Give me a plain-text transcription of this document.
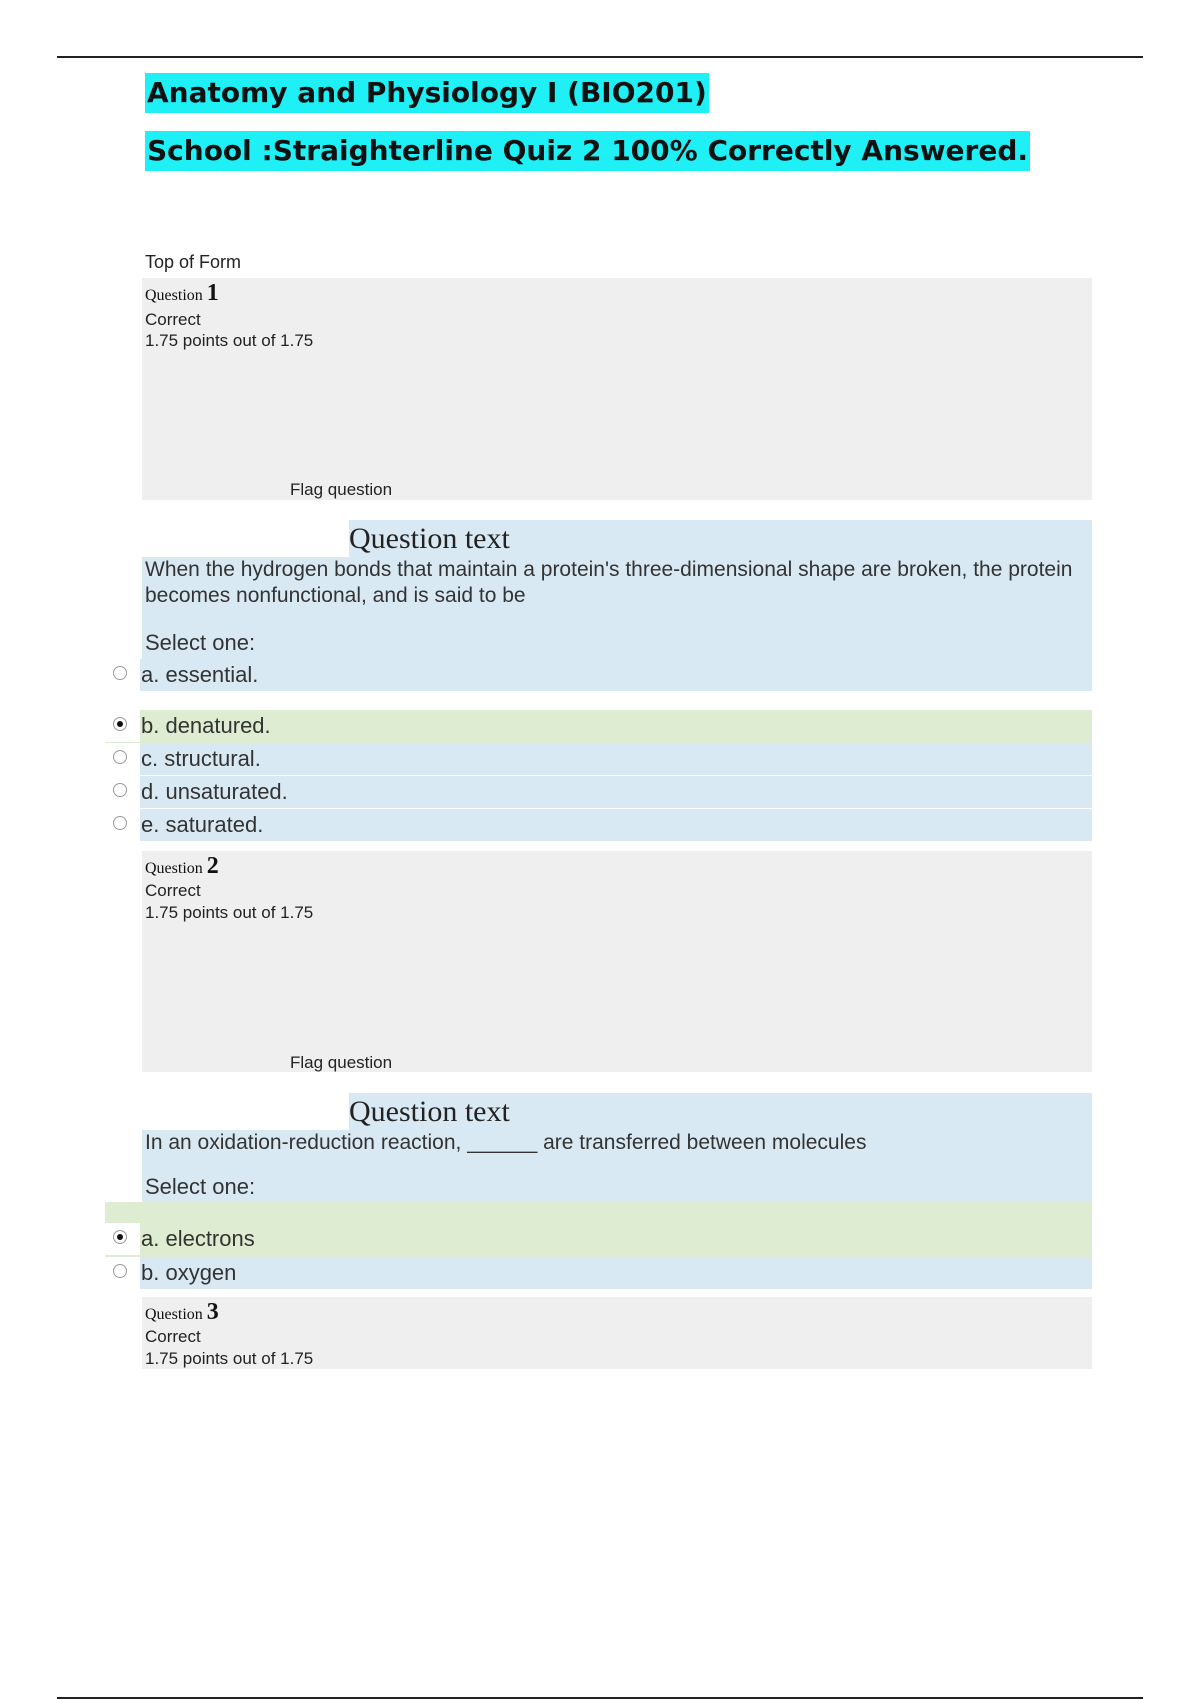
Anatomy and Physiology I (BIO201)
School :Straighterline Quiz 2 100% Correctly Answered.
Top of Form
Question 1
Correct
1.75 points out of 1.75
Flag question
Question text
When the hydrogen bonds that maintain a protein's three-dimensional shape are broken, the protein becomes nonfunctional, and is said to be
Select one:
a. essential.
b. denatured.
c. structural.
d. unsaturated.
e. saturated.
Question 2
Correct
1.75 points out of 1.75
Flag question
Question text
In an oxidation-reduction reaction, ______ are transferred between molecules
Select one:
a. electrons
b. oxygen
Question 3
Correct
1.75 points out of 1.75
